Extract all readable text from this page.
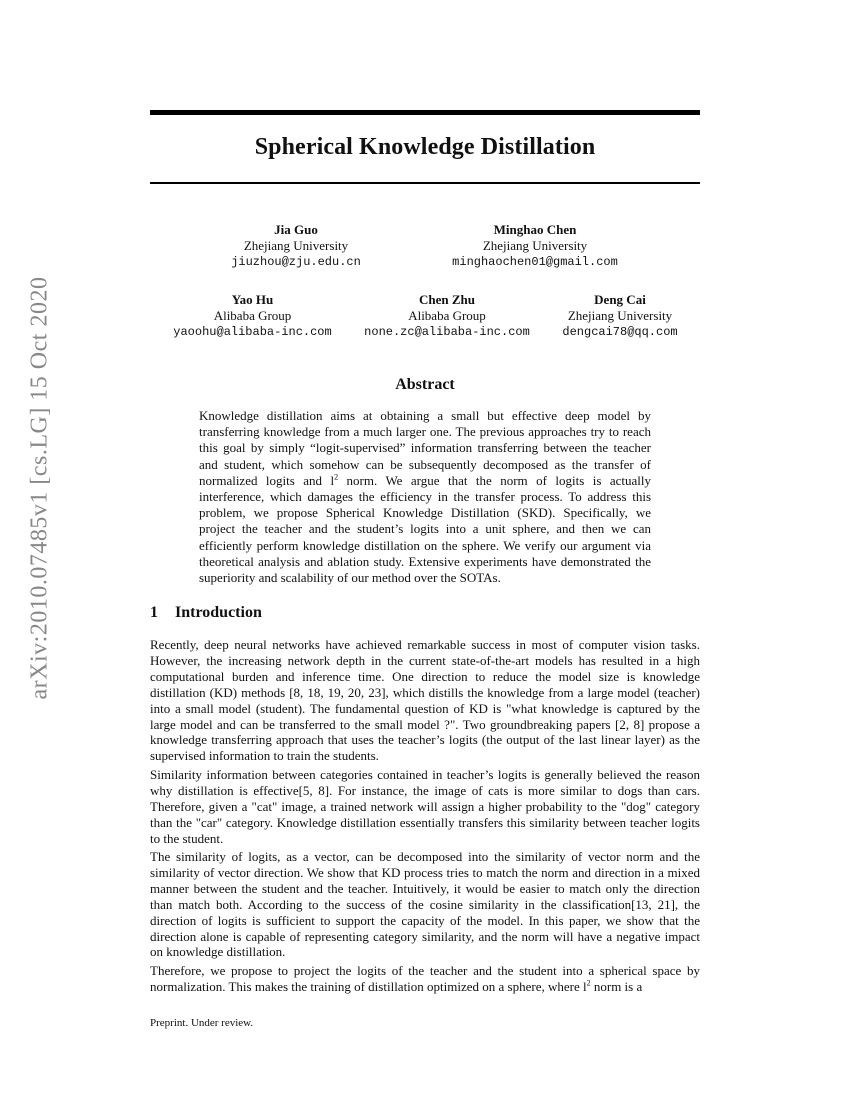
arXiv:2010.07485v1 [cs.LG] 15 Oct 2020
Spherical Knowledge Distillation
Jia Guo
Zhejiang University
jiuzhou@zju.edu.cn
Minghao Chen
Zhejiang University
minghaochen01@gmail.com
Yao Hu
Alibaba Group
yaoohu@alibaba-inc.com
Chen Zhu
Alibaba Group
none.zc@alibaba-inc.com
Deng Cai
Zhejiang University
dengcai78@qq.com
Abstract
Knowledge distillation aims at obtaining a small but effective deep model by transferring knowledge from a much larger one. The previous approaches try to reach this goal by simply “logit-supervised” information transferring between the teacher and student, which somehow can be subsequently decomposed as the transfer of normalized logits and $l^2$ norm. We argue that the norm of logits is actually interference, which damages the efficiency in the transfer process. To address this problem, we propose Spherical Knowledge Distillation (SKD). Specifically, we project the teacher and the student’s logits into a unit sphere, and then we can efficiently perform knowledge distillation on the sphere. We verify our argument via theoretical analysis and ablation study. Extensive experiments have demonstrated the superiority and scalability of our method over the SOTAs.
1 Introduction
Recently, deep neural networks have achieved remarkable success in most of computer vision tasks. However, the increasing network depth in the current state-of-the-art models has resulted in a high computational burden and inference time. One direction to reduce the model size is knowledge distillation (KD) methods [8, 18, 19, 20, 23], which distills the knowledge from a large model (teacher) into a small model (student). The fundamental question of KD is "what knowledge is captured by the large model and can be transferred to the small model ?". Two groundbreaking papers [2, 8] propose a knowledge transferring approach that uses the teacher’s logits (the output of the last linear layer) as the supervised information to train the students.
Similarity information between categories contained in teacher’s logits is generally believed the reason why distillation is effective[5, 8]. For instance, the image of cats is more similar to dogs than cars. Therefore, given a "cat" image, a trained network will assign a higher probability to the "dog" category than the "car" category. Knowledge distillation essentially transfers this similarity between teacher logits to the student.
The similarity of logits, as a vector, can be decomposed into the similarity of vector norm and the similarity of vector direction. We show that KD process tries to match the norm and direction in a mixed manner between the student and the teacher. Intuitively, it would be easier to match only the direction than match both. According to the success of the cosine similarity in the classification[13, 21], the direction of logits is sufficient to support the capacity of the model. In this paper, we show that the direction alone is capable of representing category similarity, and the norm will have a negative impact on knowledge distillation.
Therefore, we propose to project the logits of the teacher and the student into a spherical space by normalization. This makes the training of distillation optimized on a sphere, where $l^2$ norm is a
Preprint. Under review.
